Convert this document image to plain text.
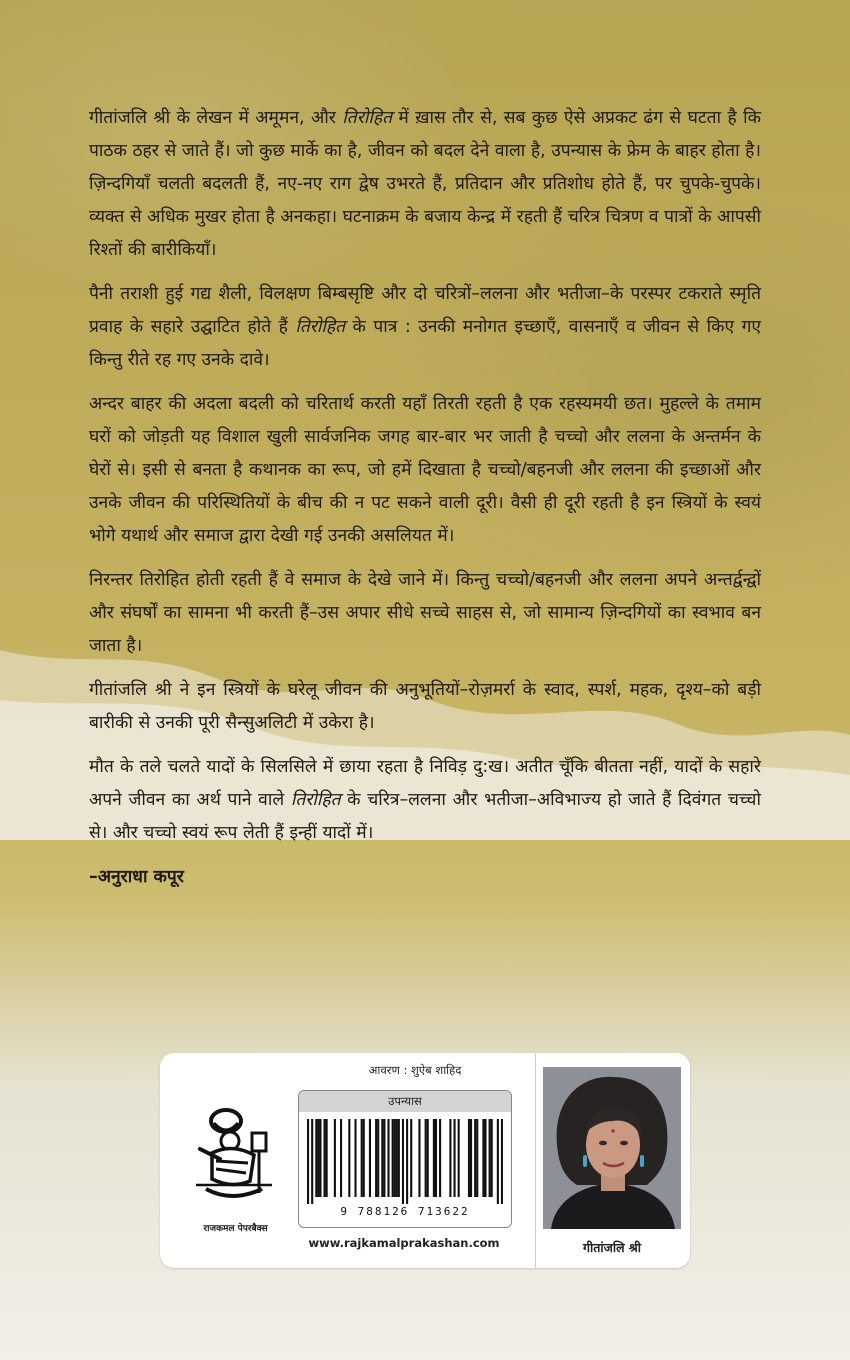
गीतांजलि श्री के लेखन में अमूमन, और तिरोहित में ख़ास तौर से, सब कुछ ऐसे अप्रकट ढंग से घटता है कि पाठक ठहर से जाते हैं। जो कुछ मार्के का है, जीवन को बदल देने वाला है, उपन्यास के फ्रेम के बाहर होता है। ज़िन्दगियाँ चलती बदलती हैं, नए-नए राग द्वेष उभरते हैं, प्रतिदान और प्रतिशोध होते हैं, पर चुपके-चुपके। व्यक्त से अधिक मुखर होता है अनकहा। घटनाक्रम के बजाय केन्द्र में रहती हैं चरित्र चित्रण व पात्रों के आपसी रिश्तों की बारीकियाँ।

पैनी तराशी हुई गद्य शैली, विलक्षण बिम्बसृष्टि और दो चरित्रों–ललना और भतीजा–के परस्पर टकराते स्मृति प्रवाह के सहारे उद्घाटित होते हैं तिरोहित के पात्र : उनकी मनोगत इच्छाएँ, वासनाएँ व जीवन से किए गए किन्तु रीते रह गए उनके दावे।

अन्दर बाहर की अदला बदली को चरितार्थ करती यहाँ तिरती रहती है एक रहस्यमयी छत। मुहल्ले के तमाम घरों को जोड़ती यह विशाल खुली सार्वजनिक जगह बार-बार भर जाती है चच्चो और ललना के अन्तर्मन के घेरों से। इसी से बनता है कथानक का रूप, जो हमें दिखाता है चच्चो/बहनजी और ललना की इच्छाओं और उनके जीवन की परिस्थितियों के बीच की न पट सकने वाली दूरी। वैसी ही दूरी रहती है इन स्त्रियों के स्वयं भोगे यथार्थ और समाज द्वारा देखी गई उनकी असलियत में।

निरन्तर तिरोहित होती रहती हैं वे समाज के देखे जाने में। किन्तु चच्चो/बहनजी और ललना अपने अन्तर्द्वन्द्वों और संघर्षों का सामना भी करती हैं–उस अपार सीधे सच्चे साहस से, जो सामान्य ज़िन्दगियों का स्वभाव बन जाता है।

गीतांजलि श्री ने इन स्त्रियों के घरेलू जीवन की अनुभूतियों–रोज़मर्रा के स्वाद, स्पर्श, महक, दृश्य–को बड़ी बारीकी से उनकी पूरी सैन्सुअलिटी में उकेरा है।

मौत के तले चलते यादों के सिलसिले में छाया रहता है निविड़ दु:ख। अतीत चूँकि बीतता नहीं, यादों के सहारे अपने जीवन का अर्थ पाने वाले तिरोहित के चरित्र–ललना और भतीजा–अविभाज्य हो जाते हैं दिवंगत चच्चो से। और चच्चो स्वयं रूप लेती हैं इन्हीं यादों में।

–अनुराधा कपूर
राजकमल पेपरबैक्स
आवरण : शुऐब शाहिद
उपन्यास
9 788126 713622
www.rajkamalprakashan.com	गीतांजलि श्री
